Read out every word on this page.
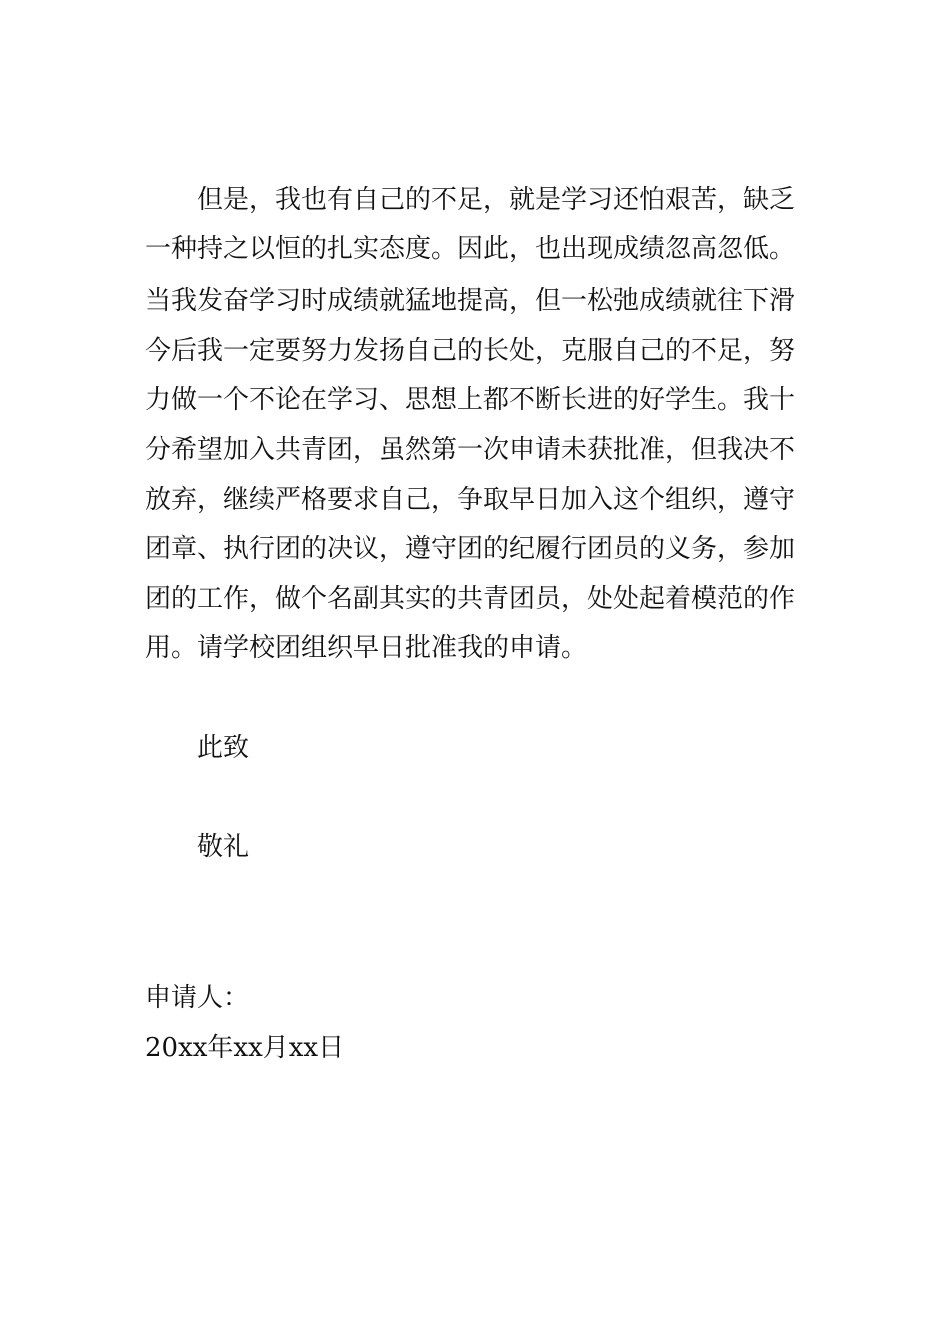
但是，我也有自己的不足，就是学习还怕艰苦，缺乏
一种持之以恒的扎实态度。因此，也出现成绩忽高忽低。
当我发奋学习时成绩就猛地提高，但一松弛成绩就往下滑
今后我一定要努力发扬自己的长处，克服自己的不足，努
力做一个不论在学习、思想上都不断长进的好学生。我十
分希望加入共青团，虽然第一次申请未获批准，但我决不
放弃，继续严格要求自己，争取早日加入这个组织，遵守
团章、执行团的决议，遵守团的纪履行团员的义务，参加
团的工作，做个名副其实的共青团员，处处起着模范的作
用。请学校团组织早日批准我的申请。
此致
敬礼
申请人：
20xx年xx月xx日
